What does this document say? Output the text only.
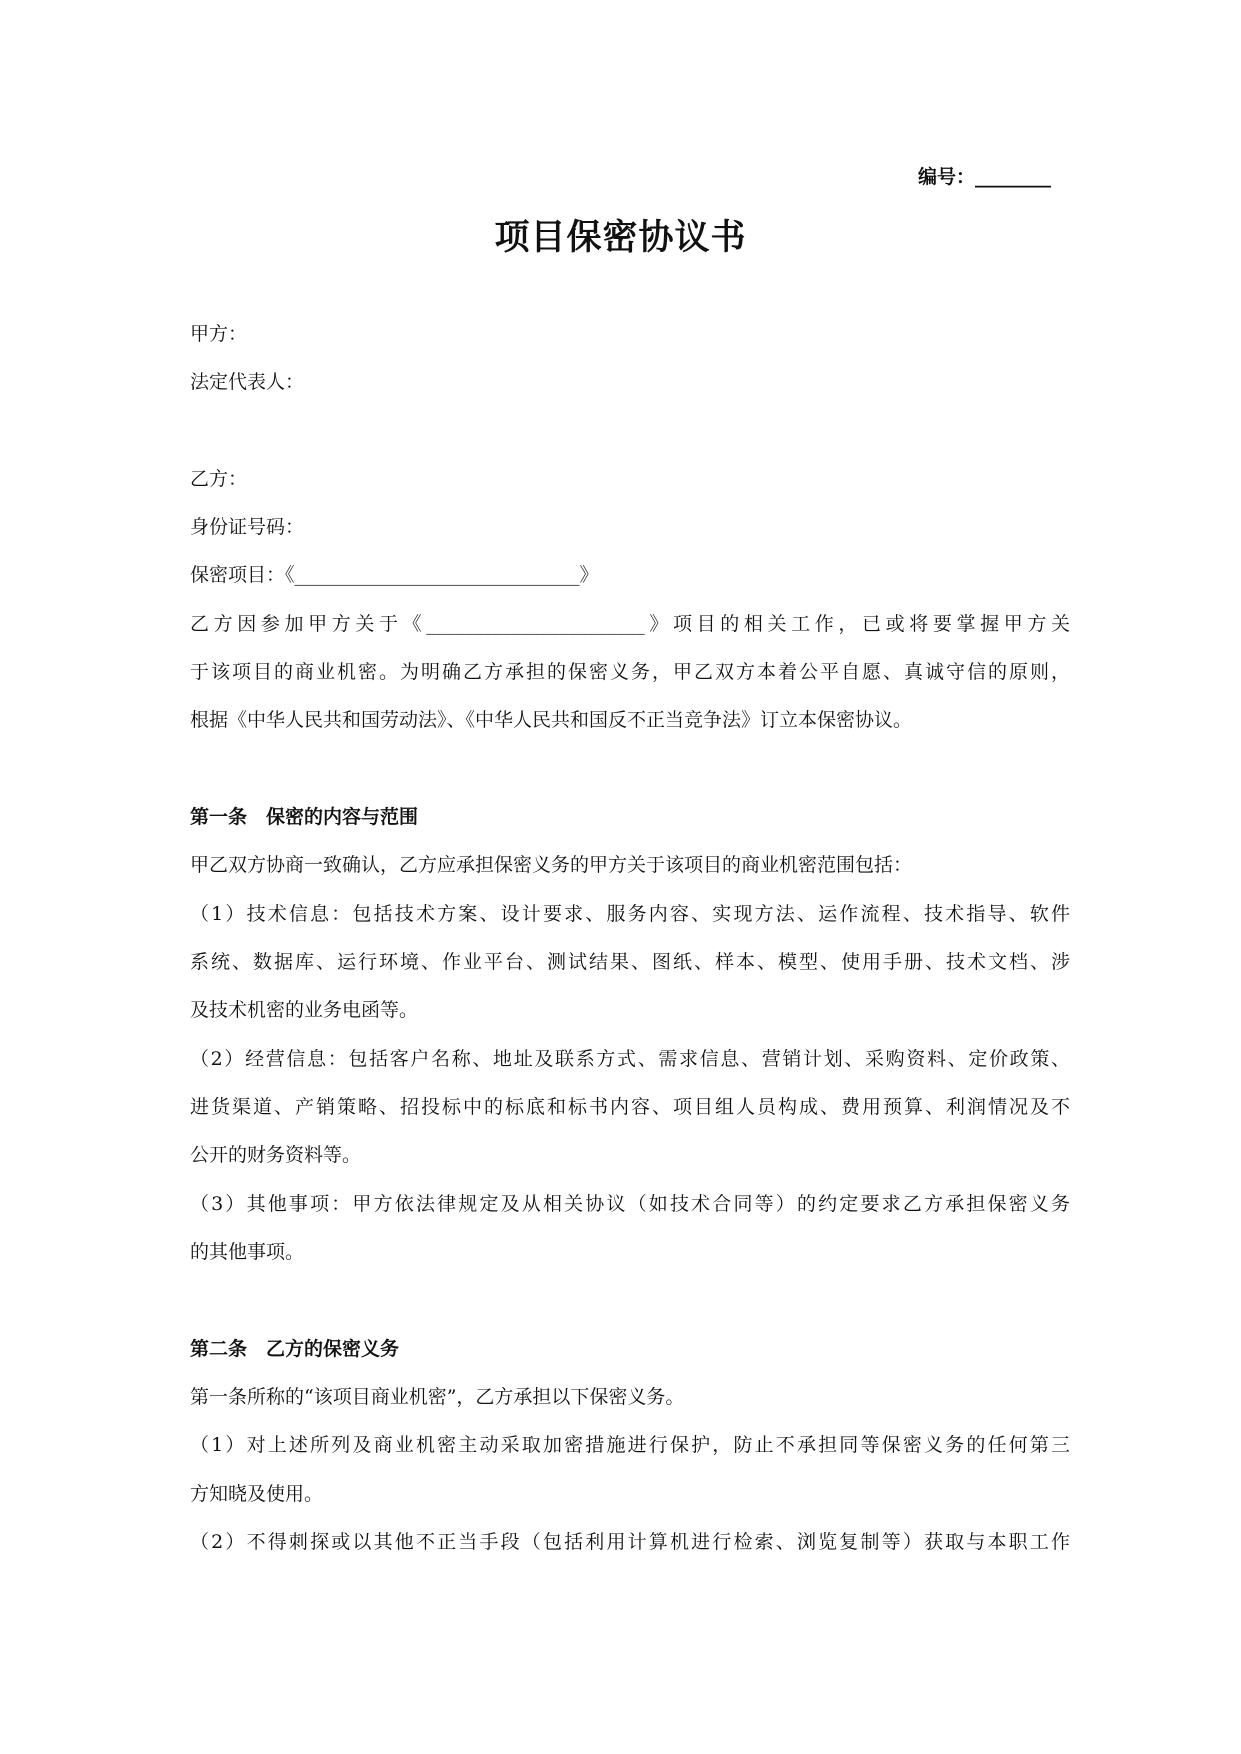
编号：________
项目保密协议书
甲方：
法定代表人：
乙方：
身份证号码：
保密项目：《______________________________》
乙方因参加甲方关于《_______________________》项目的相关工作，已或将要掌握甲方关
于该项目的商业机密。为明确乙方承担的保密义务，甲乙双方本着公平自愿、真诚守信的原则，
根据《中华人民共和国劳动法》、《中华人民共和国反不正当竞争法》订立本保密协议。
第一条　保密的内容与范围
甲乙双方协商一致确认，乙方应承担保密义务的甲方关于该项目的商业机密范围包括：
（1）技术信息：包括技术方案、设计要求、服务内容、实现方法、运作流程、技术指导、软件
系统、数据库、运行环境、作业平台、测试结果、图纸、样本、模型、使用手册、技术文档、涉
及技术机密的业务电函等。
（2）经营信息：包括客户名称、地址及联系方式、需求信息、营销计划、采购资料、定价政策、
进货渠道、产销策略、招投标中的标底和标书内容、项目组人员构成、费用预算、利润情况及不
公开的财务资料等。
（3）其他事项：甲方依法律规定及从相关协议（如技术合同等）的约定要求乙方承担保密义务
的其他事项。
第二条　乙方的保密义务
第一条所称的“该项目商业机密”，乙方承担以下保密义务。
（1）对上述所列及商业机密主动采取加密措施进行保护，防止不承担同等保密义务的任何第三
方知晓及使用。
（2）不得刺探或以其他不正当手段（包括利用计算机进行检索、浏览复制等）获取与本职工作
